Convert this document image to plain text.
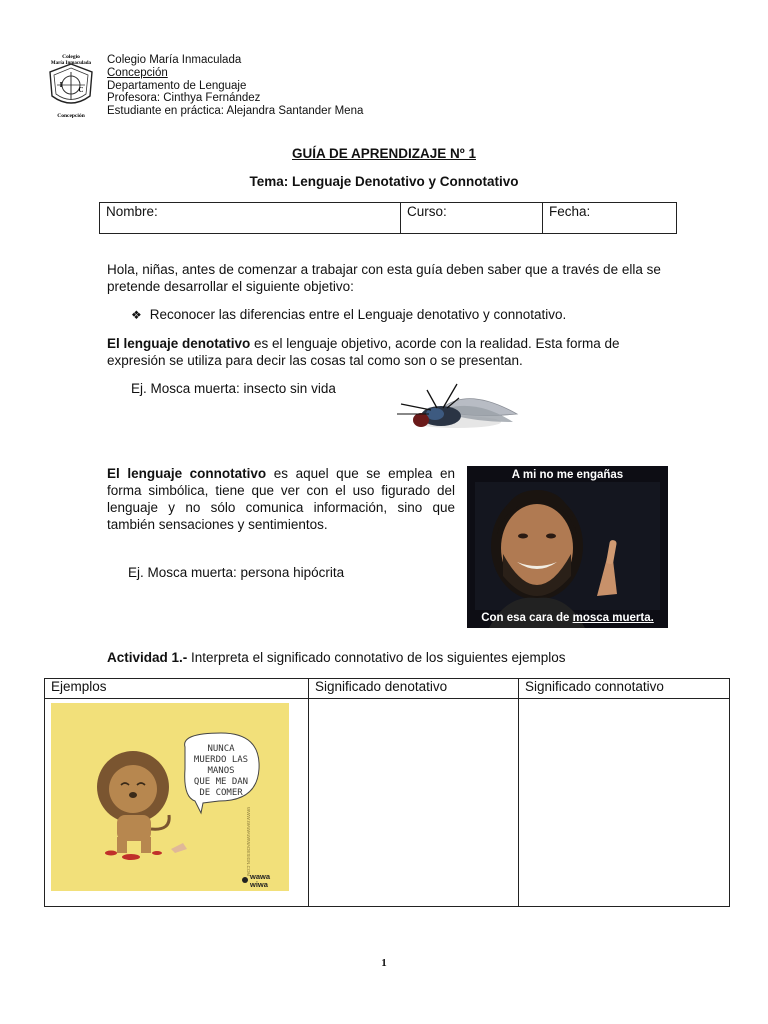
Colegio
María Inmaculada
I
C
Concepción
Colegio María Inmaculada
Concepción
Departamento de Lenguaje
Profesora: Cinthya Fernández
Estudiante en práctica: Alejandra Santander Mena
GUÍA DE APRENDIZAJE Nº 1
Tema: Lenguaje Denotativo y Connotativo
Nombre:	Curso:	Fecha:
Hola, niñas, antes de comenzar a trabajar con esta guía deben saber que a través de ella se pretende desarrollar el siguiente objetivo:
❖ Reconocer las diferencias entre el Lenguaje denotativo y connotativo.
El lenguaje denotativo es el lenguaje objetivo, acorde con la realidad. Esta forma de expresión se utiliza para decir las cosas tal como son o se presentan.
Ej. Mosca muerta: insecto sin vida
El lenguaje connotativo es aquel que se emplea en forma simbólica, tiene que ver con el uso figurado del lenguaje y no sólo comunica información, sino que también sensaciones y sentimientos.
Ej. Mosca muerta: persona hipócrita
A mi no me engañas
Con esa cara de mosca muerta.
Actividad 1.- Interpreta el significado connotativo de los siguientes ejemplos
Ejemplos	Significado denotativo	Significado connotativo
NUNCA
MUERDO LAS
MANOS
QUE ME DAN
DE COMER
WWW.WAWAWIWADESIGN.COM
wawa
wiwa
1
